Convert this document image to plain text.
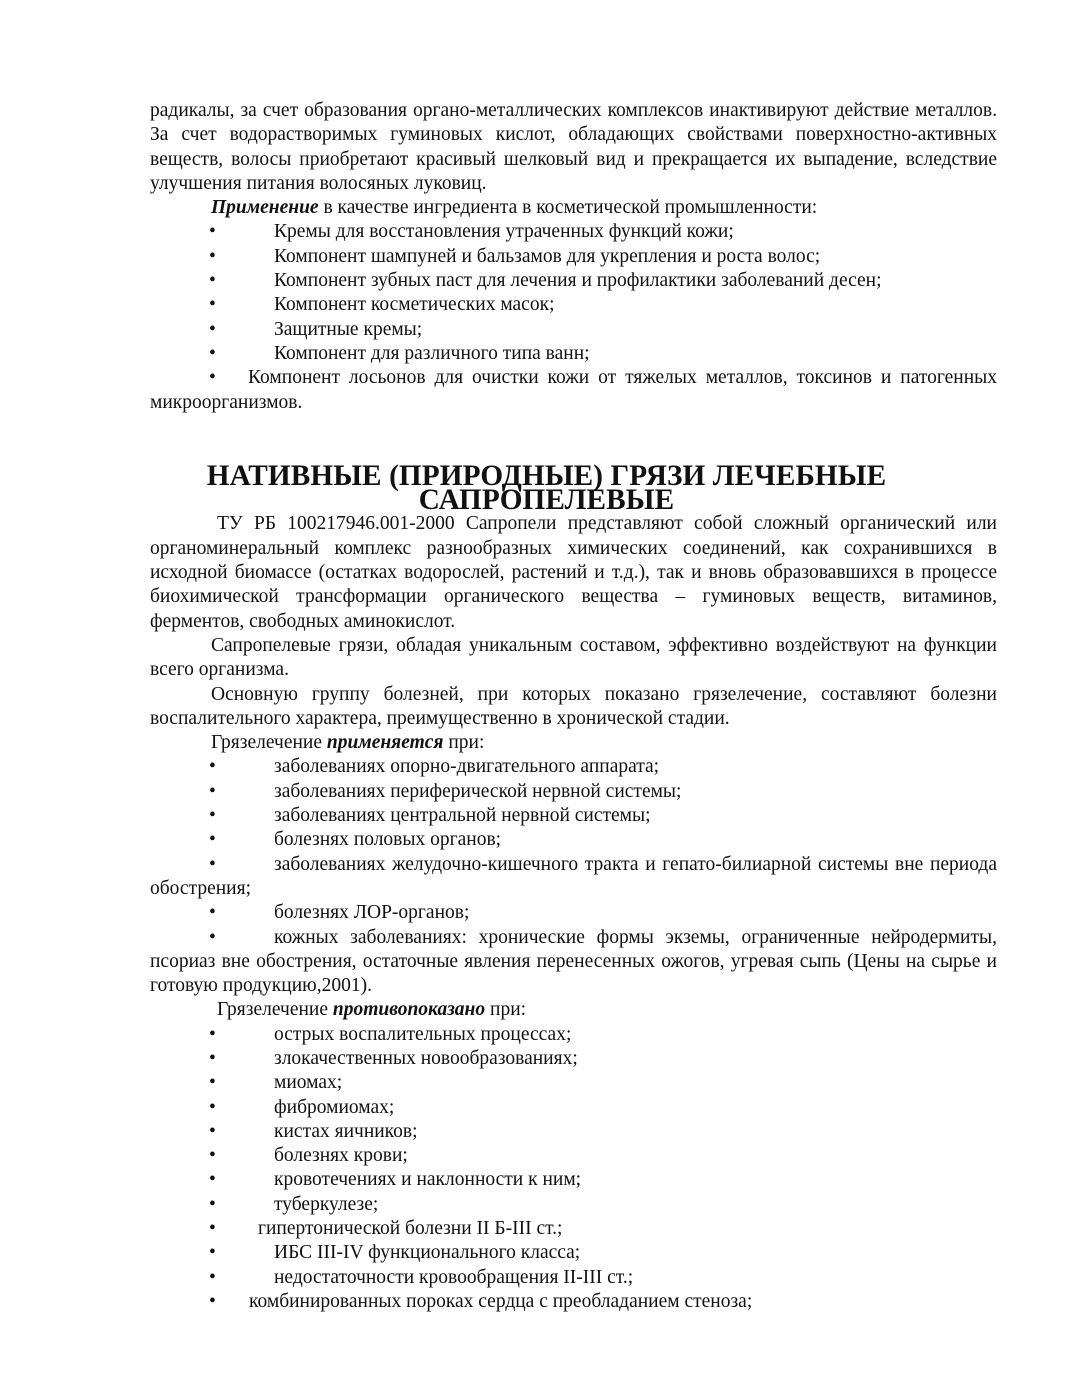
радикалы, за счет образования органо-металлических комплексов инактивируют действие металлов. За счет водорастворимых гуминовых кислот, обладающих свойствами поверхностно-активных веществ, волосы приобретают красивый шелковый вид и прекращается их выпадение, вследствие улучшения питания волосяных луковиц.

Применение в качестве ингредиента в косметической промышленности:

•	Кремы для восстановления утраченных функций кожи;

•	Компонент шампуней и бальзамов для укрепления и роста волос;

•	Компонент зубных паст для лечения и профилактики заболеваний десен;

•	Компонент косметических масок;

•	Защитные кремы;

•	Компонент для различного типа ванн;

• Компонент лосьонов для очистки кожи от тяжелых металлов, токсинов и патогенных микроорганизмов.

НАТИВНЫЕ (ПРИРОДНЫЕ) ГРЯЗИ ЛЕЧЕБНЫЕ САПРОПЕЛЕВЫЕ

ТУ РБ 100217946.001-2000 Сапропели представляют собой сложный органический или органоминеральный комплекс разнообразных химических соединений, как сохранившихся в исходной биомассе (остатках водорослей, растений и т.д.), так и вновь образовавшихся в процессе биохимической трансформации органического вещества – гуминовых веществ, витаминов, ферментов, свободных аминокислот.

Сапропелевые грязи, обладая уникальным составом, эффективно воздействуют на функции всего организма.

Основную группу болезней, при которых показано грязелечение, составляют болезни воспалительного характера, преимущественно в хронической стадии.

Грязелечение применяется при:

•	заболеваниях опорно-двигательного аппарата;

•	заболеваниях периферической нервной системы;

•	заболеваниях центральной нервной системы;

•	болезнях половых органов;

•	заболеваниях желудочно-кишечного тракта и гепато-билиарной системы вне периода обострения;

•	болезнях ЛОР-органов;

•	кожных заболеваниях: хронические формы экземы, ограниченные нейродермиты, псориаз вне обострения, остаточные явления перенесенных ожогов, угревая сыпь (Цены на сырье и готовую продукцию,2001).

Грязелечение противопоказано при:

•	острых воспалительных процессах;

•	злокачественных новообразованиях;

•	миомах;

•	фибромиомах;

•	кистах яичников;

•	болезнях крови;

•	кровотечениях и наклонности к ним;

•	туберкулезе;

• гипертонической болезни II Б-III ст.;

•	ИБС III-IV функционального класса;

•	недостаточности кровообращения II-III ст.;

• комбинированных пороках сердца с преобладанием стеноза;
